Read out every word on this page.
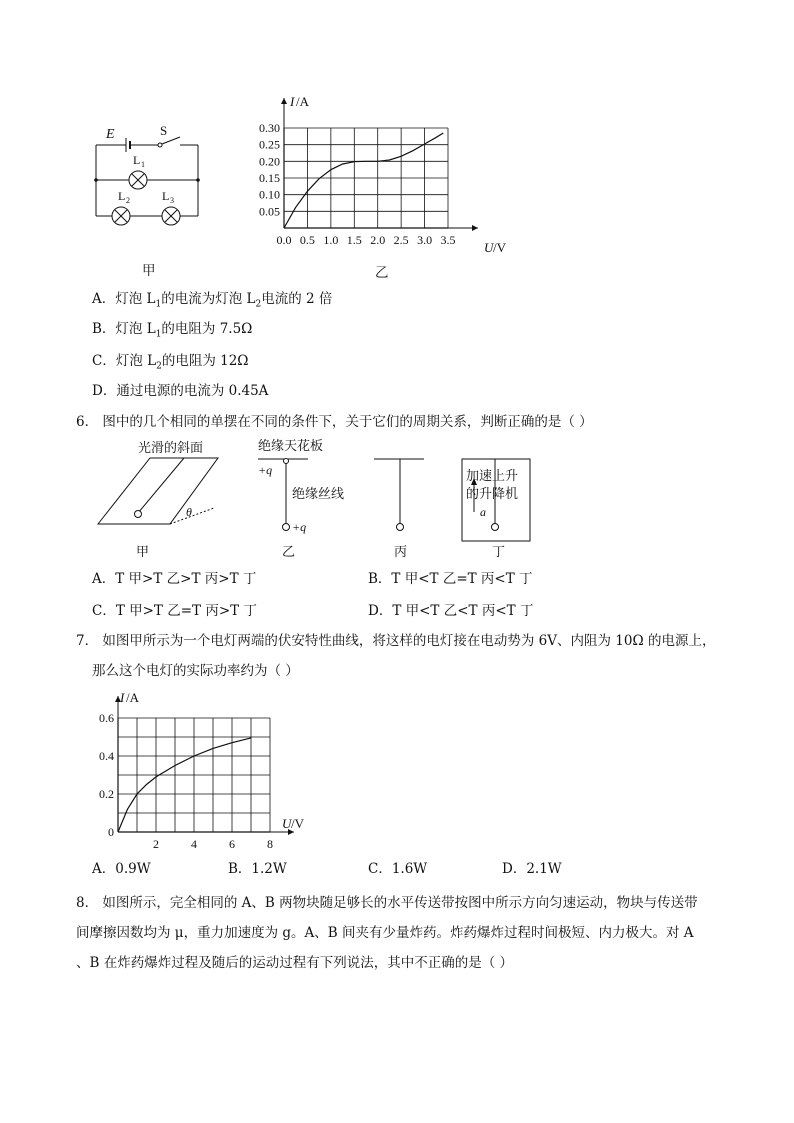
E	S
L 1
L 2	L 3
甲
0.0 0.5 1.0 1.5 2.0 2.5 3.0 3.5
0.05
0.10
0.15
0.20
0.25
0.30
I /A
U /V
乙
A．灯泡 $L_1$的电流为灯泡 $L_2$电流的 2 倍
B．灯泡 $L_1$的电阻为 7.5Ω
C．灯泡 $L_2$的电阻为 12Ω
D．通过电源的电流为 0.45A
6． 图中的几个相同的单摆在不同的条件下，关于它们的周期关系，判断正确的是（ ）
光滑的斜面
θ
甲
绝缘天花板
+q
绝缘丝线
+q
乙	丙
加速上升
的升降机
a
丁
A．T 甲>T 乙>T 丙>T 丁	B．T 甲<T 乙=T 丙<T 丁
C．T 甲>T 乙=T 丙>T 丁	D．T 甲<T 乙<T 丙<T 丁
7． 如图甲所示为一个电灯两端的伏安特性曲线，将这样的电灯接在电动势为 6V、内阻为 10Ω 的电源上，
那么这个电灯的实际功率约为（ ）
2	4	6	8
0
0.2
0.4
0.6
I /A
U /V
A．0.9W	B．1.2W	C．1.6W	D．2.1W
8． 如图所示，完全相同的 A、B 两物块随足够长的水平传送带按图中所示方向匀速运动，物块与传送带
间摩擦因数均为 μ，重力加速度为 g。A、B 间夹有少量炸药。炸药爆炸过程时间极短、内力极大。对 A
、B 在炸药爆炸过程及随后的运动过程有下列说法，其中不正确的是（ ）
